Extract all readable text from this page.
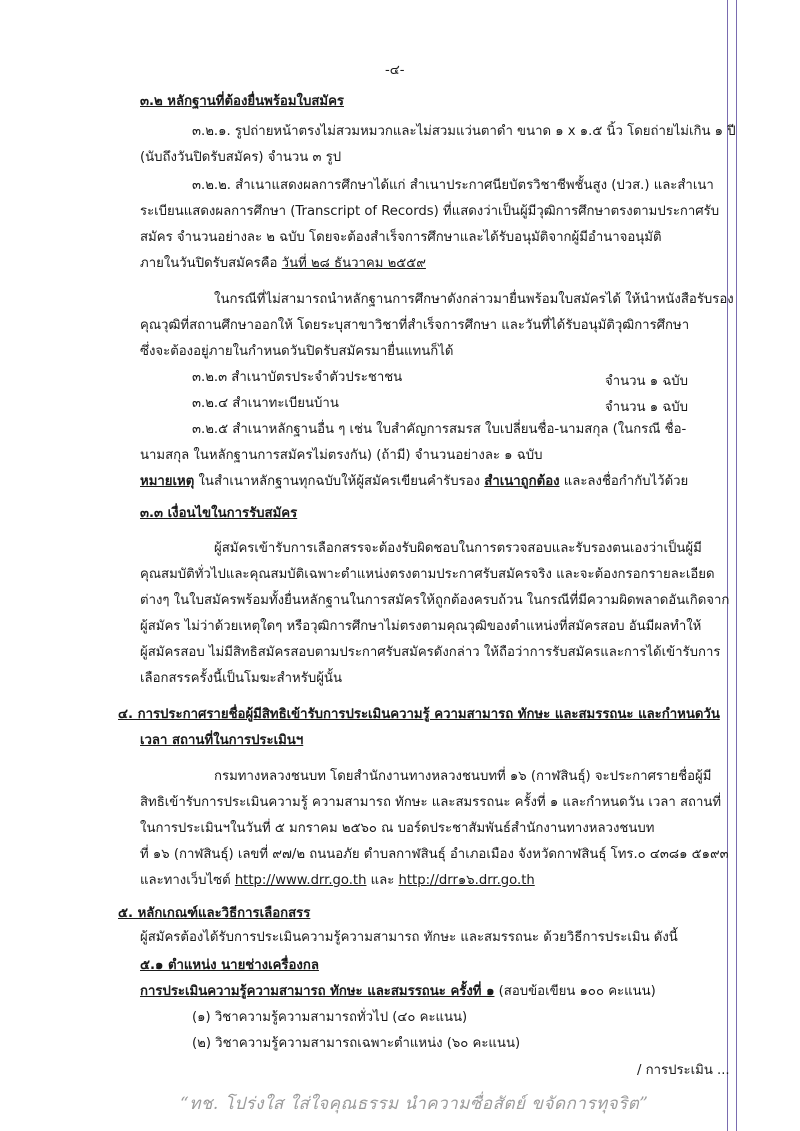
-๔-
๓.๒ หลักฐานที่ต้องยื่นพร้อมใบสมัคร
๓.๒.๑. รูปถ่ายหน้าตรงไม่สวมหมวกและไม่สวมแว่นตาดำ ขนาด ๑ x ๑.๕ นิ้ว โดยถ่ายไม่เกิน ๑ ปี
(นับถึงวันปิดรับสมัคร) จำนวน ๓ รูป
๓.๒.๒. สำเนาแสดงผลการศึกษาได้แก่ สำเนาประกาศนียบัตรวิชาชีพชั้นสูง (ปวส.) และสำเนา
ระเบียนแสดงผลการศึกษา (Transcript of Records) ที่แสดงว่าเป็นผู้มีวุฒิการศึกษาตรงตามประกาศรับ
สมัคร จำนวนอย่างละ ๒ ฉบับ โดยจะต้องสำเร็จการศึกษาและได้รับอนุมัติจากผู้มีอำนาจอนุมัติ
ภายในวันปิดรับสมัครคือ วันที่ ๒๘ ธันวาคม ๒๕๕๙
ในกรณีที่ไม่สามารถนำหลักฐานการศึกษาดังกล่าวมายื่นพร้อมใบสมัครได้ ให้นำหนังสือรับรอง
คุณวุฒิที่สถานศึกษาออกให้ โดยระบุสาขาวิชาที่สำเร็จการศึกษา และวันที่ได้รับอนุมัติวุฒิการศึกษา
ซึ่งจะต้องอยู่ภายในกำหนดวันปิดรับสมัครมายื่นแทนก็ได้
๓.๒.๓ สำเนาบัตรประจำตัวประชาชน	จำนวน ๑ ฉบับ
๓.๒.๔ สำเนาทะเบียนบ้าน	จำนวน ๑ ฉบับ
๓.๒.๕ สำเนาหลักฐานอื่น ๆ เช่น ใบสำคัญการสมรส ใบเปลี่ยนชื่อ-นามสกุล (ในกรณี ชื่อ-
นามสกุล ในหลักฐานการสมัครไม่ตรงกัน) (ถ้ามี) จำนวนอย่างละ ๑ ฉบับ
หมายเหตุ ในสำเนาหลักฐานทุกฉบับให้ผู้สมัครเขียนคำรับรอง สำเนาถูกต้อง และลงชื่อกำกับไว้ด้วย
๓.๓ เงื่อนไขในการรับสมัคร
ผู้สมัครเข้ารับการเลือกสรรจะต้องรับผิดชอบในการตรวจสอบและรับรองตนเองว่าเป็นผู้มี
คุณสมบัติทั่วไปและคุณสมบัติเฉพาะตำแหน่งตรงตามประกาศรับสมัครจริง และจะต้องกรอกรายละเอียด
ต่างๆ ในใบสมัครพร้อมทั้งยื่นหลักฐานในการสมัครให้ถูกต้องครบถ้วน ในกรณีที่มีความผิดพลาดอันเกิดจาก
ผู้สมัคร ไม่ว่าด้วยเหตุใดๆ หรือวุฒิการศึกษาไม่ตรงตามคุณวุฒิของตำแหน่งที่สมัครสอบ อันมีผลทำให้
ผู้สมัครสอบ ไม่มีสิทธิสมัครสอบตามประกาศรับสมัครดังกล่าว ให้ถือว่าการรับสมัครและการได้เข้ารับการ
เลือกสรรครั้งนี้เป็นโมฆะสำหรับผู้นั้น
๔. การประกาศรายชื่อผู้มีสิทธิเข้ารับการประเมินความรู้ ความสามารถ ทักษะ และสมรรถนะ และกำหนดวัน
เวลา สถานที่ในการประเมินฯ
กรมทางหลวงชนบท โดยสำนักงานทางหลวงชนบทที่ ๑๖ (กาฬสินธุ์) จะประกาศรายชื่อผู้มี
สิทธิเข้ารับการประเมินความรู้ ความสามารถ ทักษะ และสมรรถนะ ครั้งที่ ๑ และกำหนดวัน เวลา สถานที่
ในการประเมินฯในวันที่ ๕ มกราคม ๒๕๖๐ ณ บอร์ดประชาสัมพันธ์สำนักงานทางหลวงชนบท
ที่ ๑๖ (กาฬสินธุ์) เลขที่ ๙๗/๒ ถนนอภัย ตำบลกาฬสินธุ์ อำเภอเมือง จังหวัดกาฬสินธุ์ โทร.๐ ๔๓๘๑ ๕๑๙๓
และทางเว็บไซต์ http://www.drr.go.th และ http://drr๑๖.drr.go.th
๕. หลักเกณฑ์และวิธีการเลือกสรร
ผู้สมัครต้องได้รับการประเมินความรู้ความสามารถ ทักษะ และสมรรถนะ ด้วยวิธีการประเมิน ดังนี้
๕.๑ ตำแหน่ง นายช่างเครื่องกล
การประเมินความรู้ความสามารถ ทักษะ และสมรรถนะ ครั้งที่ ๑ (สอบข้อเขียน ๑๐๐ คะแนน)
(๑) วิชาความรู้ความสามารถทั่วไป (๔๐ คะแนน)
(๒) วิชาความรู้ความสามารถเฉพาะตำแหน่ง (๖๐ คะแนน)
“ทช. โปร่งใส ใส่ใจคุณธรรม นำความซื่อสัตย์ ขจัดการทุจริต”
/ การประเมิน ...
